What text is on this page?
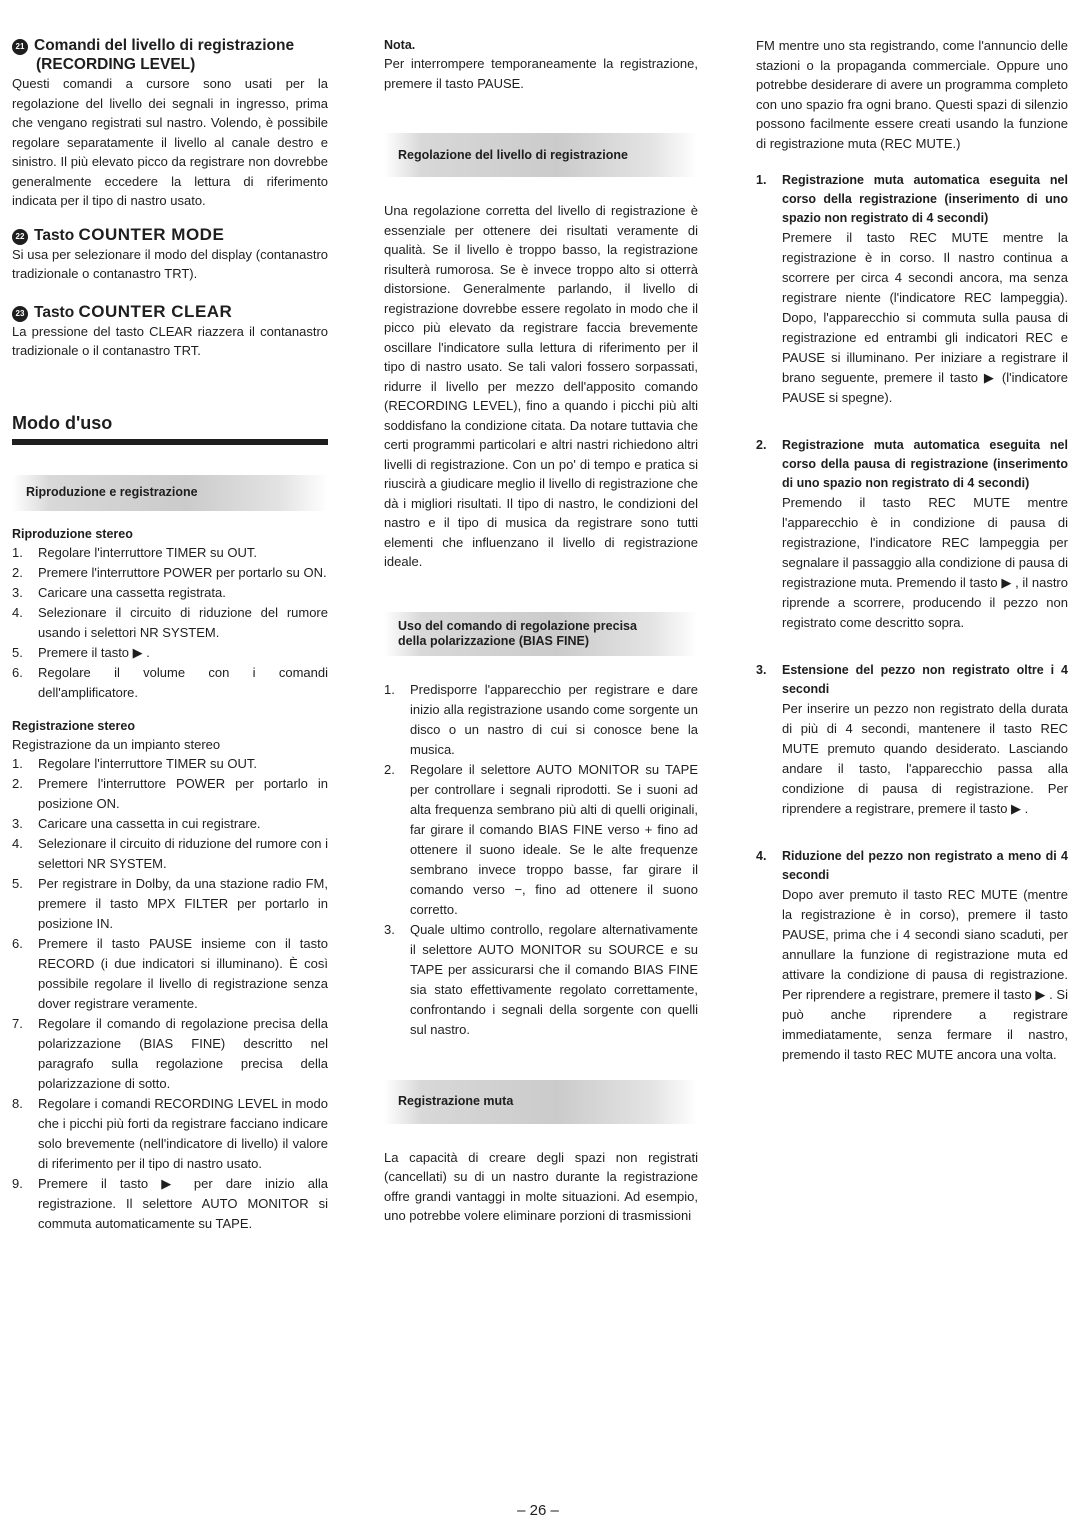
21 Comandi del livello di registrazione (RECORDING LEVEL)

Questi comandi a cursore sono usati per la regolazione del livello dei segnali in ingresso, prima che vengano registrati sul nastro. Volendo, è possibile regolare separatamente il livello al canale destro e sinistro. Il più elevato picco da registrare non dovrebbe generalmente eccedere la lettura di riferimento indicata per il tipo di nastro usato.

22 Tasto COUNTER MODE

Si usa per selezionare il modo del display (contanastro tradizionale o contanastro TRT).

23 Tasto COUNTER CLEAR

La pressione del tasto CLEAR riazzera il contanastro tradizionale o il contanastro TRT.

Modo d'uso

Riproduzione e registrazione

Riproduzione stereo

1. Regolare l'interruttore TIMER su OUT.
2. Premere l'interruttore POWER per portarlo su ON.
3. Caricare una cassetta registrata.
4. Selezionare il circuito di riduzione del rumore usando i selettori NR SYSTEM.
5. Premere il tasto ▶ .
6. Regolare il volume con i comandi dell'amplificatore.

Registrazione stereo

Registrazione da un impianto stereo

1. Regolare l'interruttore TIMER su OUT.
2. Premere l'interruttore POWER per portarlo in posizione ON.
3. Caricare una cassetta in cui registrare.
4. Selezionare il circuito di riduzione del rumore con i selettori NR SYSTEM.
5. Per registrare in Dolby, da una stazione radio FM, premere il tasto MPX FILTER per portarlo in posizione IN.
6. Premere il tasto PAUSE insieme con il tasto RECORD (i due indicatori si illuminano). È così possibile regolare il livello di registrazione senza dover registrare veramente.
7. Regolare il comando di regolazione precisa della polarizzazione (BIAS FINE) descritto nel paragrafo sulla regolazione precisa della polarizzazione di sotto.
8. Regolare i comandi RECORDING LEVEL in modo che i picchi più forti da registrare facciano indicare solo brevemente (nell'indicatore di livello) il valore di riferimento per il tipo di nastro usato.
9. Premere il tasto ▶ per dare inizio alla registrazione. Il selettore AUTO MONITOR si commuta automaticamente su TAPE.

Nota.

Per interrompere temporaneamente la registrazione, premere il tasto PAUSE.

Regolazione del livello di registrazione

Una regolazione corretta del livello di registrazione è essenziale per ottenere dei risultati veramente di qualità. Se il livello è troppo basso, la registrazione risulterà rumorosa. Se è invece troppo alto si otterrà distorsione. Generalmente parlando, il livello di registrazione dovrebbe essere regolato in modo che il picco più elevato da registrare faccia brevemente oscillare l'indicatore sulla lettura di riferimento per il tipo di nastro usato. Se tali valori fossero sorpassati, ridurre il livello per mezzo dell'apposito comando (RECORDING LEVEL), fino a quando i picchi più alti soddisfano la condizione citata. Da notare tuttavia che certi programmi particolari e altri nastri richiedono altri livelli di registrazione. Con un po' di tempo e pratica si riuscirà a giudicare meglio il livello di registrazione che dà i migliori risultati. Il tipo di nastro, le condizioni del nastro e il tipo di musica da registrare sono tutti elementi che influenzano il livello di registrazione ideale.

Uso del comando di regolazione precisa
della polarizzazione (BIAS FINE)
1. Predisporre l'apparecchio per registrare e dare inizio alla registrazione usando come sorgente un disco o un nastro di cui si conosce bene la musica.
2. Regolare il selettore AUTO MONITOR su TAPE per controllare i segnali riprodotti. Se i suoni ad alta frequenza sembrano più alti di quelli originali, far girare il comando BIAS FINE verso + fino ad ottenere il suono ideale. Se le alte frequenze sembrano invece troppo basse, far girare il comando verso −, fino ad ottenere il suono corretto.
3. Quale ultimo controllo, regolare alternativamente il selettore AUTO MONITOR su SOURCE e su TAPE per assicurarsi che il comando BIAS FINE sia stato effettivamente regolato correttamente, confrontando i segnali della sorgente con quelli sul nastro.
Registrazione muta

La capacità di creare degli spazi non registrati (cancellati) su di un nastro durante la registrazione offre grandi vantaggi in molte situazioni. Ad esempio, uno potrebbe volere eliminare porzioni di trasmissioni

FM mentre uno sta registrando, come l'annuncio delle stazioni o la propaganda commerciale. Oppure uno potrebbe desiderare di avere un programma completo con uno spazio fra ogni brano. Questi spazi di silenzio possono facilmente essere creati usando la funzione di registrazione muta (REC MUTE.)

1. Registrazione muta automatica eseguita nel corso della registrazione (inserimento di uno spazio non registrato di 4 secondi)
Premere il tasto REC MUTE mentre la registrazione è in corso. Il nastro continua a scorrere per circa 4 secondi ancora, ma senza registrare niente (l'indicatore REC lampeggia). Dopo, l'apparecchio si commuta sulla pausa di registrazione ed entrambi gli indicatori REC e PAUSE si illuminano. Per iniziare a registrare il brano seguente, premere il tasto ▶ (l'indicatore PAUSE si spegne).
2. Registrazione muta automatica eseguita nel corso della pausa di registrazione (inserimento di uno spazio non registrato di 4 secondi)
Premendo il tasto REC MUTE mentre l'apparecchio è in condizione di pausa di registrazione, l'indicatore REC lampeggia per segnalare il passaggio alla condizione di pausa di registrazione muta. Premendo il tasto ▶ , il nastro riprende a scorrere, producendo il pezzo non registrato come descritto sopra.
3. Estensione del pezzo non registrato oltre i 4 secondi
Per inserire un pezzo non registrato della durata di più di 4 secondi, mantenere il tasto REC MUTE premuto quando desiderato. Lasciando andare il tasto, l'apparecchio passa alla condizione di pausa di registrazione. Per riprendere a registrare, premere il tasto ▶ .
4. Riduzione del pezzo non registrato a meno di 4 secondi
Dopo aver premuto il tasto REC MUTE (mentre la registrazione è in corso), premere il tasto PAUSE, prima che i 4 secondi siano scaduti, per annullare la funzione di registrazione muta ed attivare la condizione di pausa di registrazione. Per riprendere a registrare, premere il tasto ▶ . Si può anche riprendere a registrare immediatamente, senza fermare il nastro, premendo il tasto REC MUTE ancora una volta.
– 26 –
